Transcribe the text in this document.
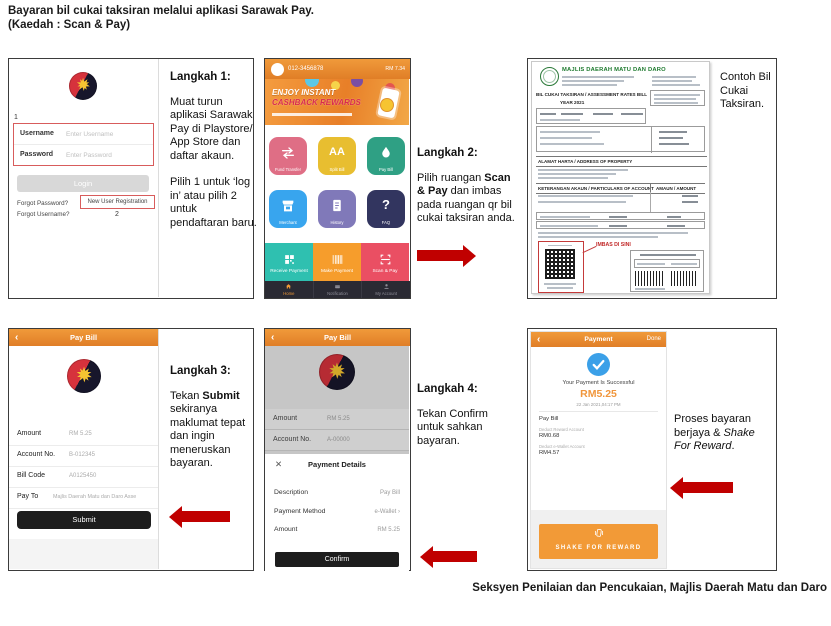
Bayaran bil cukai taksiran melalui aplikasi Sarawak Pay.
(Kaedah : Scan & Pay)
★
★
1
Username Enter Username
Password Enter Password
Login
Forgot Password?	New User Registration
Forgot Username?	2
Langkah 1:

Muat turun aplikasi Sarawak Pay di Playstore/ App Store dan daftar akaun.

Pilih 1 untuk ‘log in’ atau pilih 2 untuk pendaftaran baru.

012-3456878	RM 7.34
ENJOY INSTANT
CASHBACK REWARDS
Fund Transfer
AA
Split Bill	Pay Bill
Merchant	History
?
FAQ
Receive Payment	Make Payment	Scan & Pay
Home	Notification	My Account
Langkah 2:

Pilih ruangan Scan & Pay dan imbas pada ruangan qr bil cukai taksiran anda.

MAJLIS DAERAH MATU DAN DARO
BIL CUKAI TAKSIRAN / ASSESSMENT RATES BILL
YEAR 2021
ALAMAT HARTA / ADDRESS OF PROPERTY
KETERANGAN AKAUN / PARTICULARS OF ACCOUNT AMAUN / AMOUNT
IMBAS DI SINI

Contoh Bil Cukai Taksiran.

‹
Pay Bill
★
★
Amount	RM 5.25
Account No. B-012345
Bill Code	A0125450
Pay To	Majlis Daerah Matu dan Daro Asse
Submit
Langkah 3:

Tekan Submit sekiranya maklumat tepat dan ingin meneruskan bayaran.

‹
Pay Bill
★
★
Amount	RM 5.25
Account No.	A-00000
✕
Payment Details
Description	Pay Bill
Payment Method	e-Wallet ›
Amount	RM 5.25
Confirm
Langkah 4:

Tekan Confirm untuk sahkan bayaran.

‹
Payment	Done
Your Payment Is Successful
RM5.25
22 Jan 2021,04:17 PM
Pay Bill
Deduct Reward Account
RM0.68
Deduct e-Wallet Account
RM4.57
SHAKE FOR REWARD

Proses bayaran berjaya & Shake For Reward.

Seksyen Penilaian dan Pencukaian, Majlis Daerah Matu dan Daro
